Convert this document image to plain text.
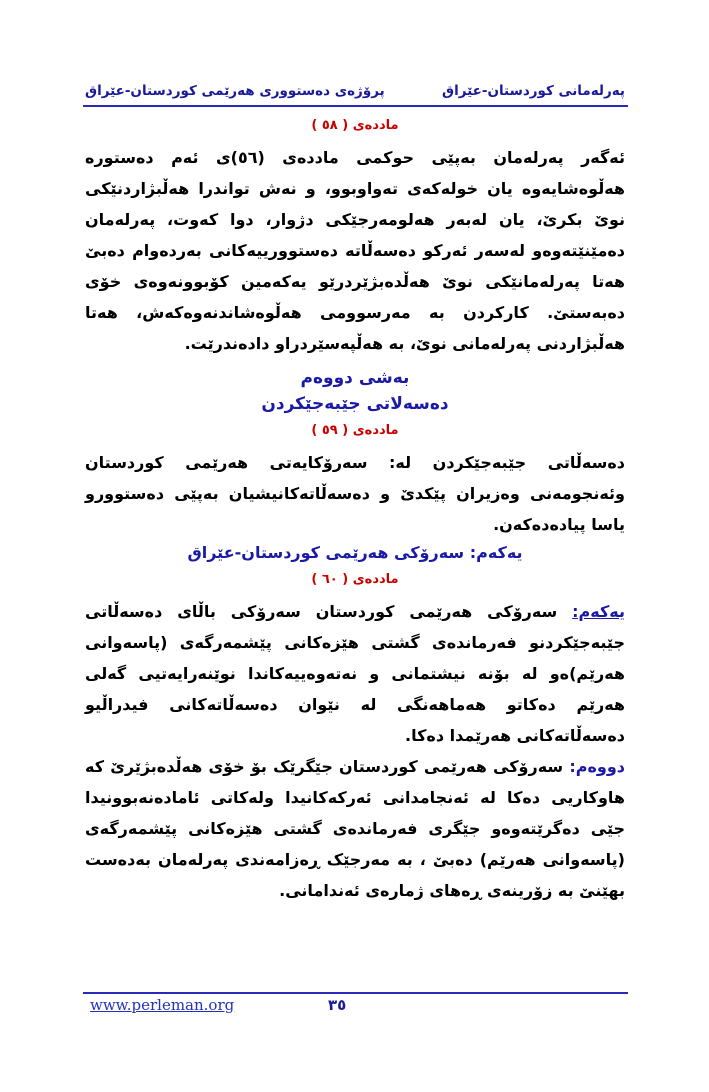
پەرلەمانی کوردستان-عێراق
پرۆژەی دەستووری هەرێمی کوردستان-عێراق
ماددەی ( ٥٨ )

ئەگەر پەرلەمان بەپێی حوکمی ماددەی (٥٦)ی ئەم دەستورە هەڵوەشایەوە یان خولەکەی تەواوبوو، و نەش تواندرا هەڵبژاردنێکی نوێ بکرێ، یان لەبەر هەلومەرجێکی دژوار، دوا کەوت، پەرلەمان دەمێنێتەوەو لەسەر ئەرکو دەسەڵاتە دەستوورییەکانی بەردەوام دەبێ هەتا پەرلەمانێکی نوێ هەڵدەبژێردرێو یەکەمین کۆبوونەوەی خۆی دەبەستێ. کارکردن بە مەرسوومی هەڵوەشاندنەوەکەش، هەتا هەڵبژاردنی پەرلەمانی نوێ، بە هەڵپەسێردراو دادەندرێت.

بەشی دووەم
دەسەلاتی جێبەجێکردن
ماددەی ( ٥٩ )

دەسەڵاتی جێبەجێکردن لە: سەرۆکایەتی هەرێمی کوردستان وئەنجومەنی وەزیران پێکدێ و دەسەڵاتەکانیشیان بەپێی دەستوورو یاسا پیادەدەکەن.

یەکەم: سەرۆکی هەرێمی کوردستان-عێراق
ماددەی ( ٦٠ )

یەکەم: سەرۆکی هەرێمی کوردستان سەرۆکی باڵای دەسەڵاتی جێبەجێکردنو فەرماندەی گشتی هێزەکانی پێشمەرگەی (پاسەوانی هەرێم)ەو لە بۆنە نیشتمانی و نەتەوەییەکاندا نوێنەرایەتیی گەلی هەرێم دەکاتو هەماهەنگی لە نێوان دەسەڵاتەکانی فیدراڵیو دەسەڵاتەکانی هەرێمدا دەکا.

دووەم: سەرۆکی هەرێمی کوردستان جێگرێک بۆ خۆی هەڵدەبژێرێ کە هاوکاریی دەکا لە ئەنجامدانی ئەرکەکانیدا ولەکاتی ئامادەنەبوونیدا جێی دەگرێتەوەو جێگری فەرماندەی گشتی هێزەکانی پێشمەرگەی (پاسەوانی هەرێم) دەبێ ، بە مەرجێک ڕەزامەندی پەرلەمان بەدەست بهێنێ بە زۆرینەی ڕەهای ژمارەی ئەندامانی.

www.perleman.org	٣٥
